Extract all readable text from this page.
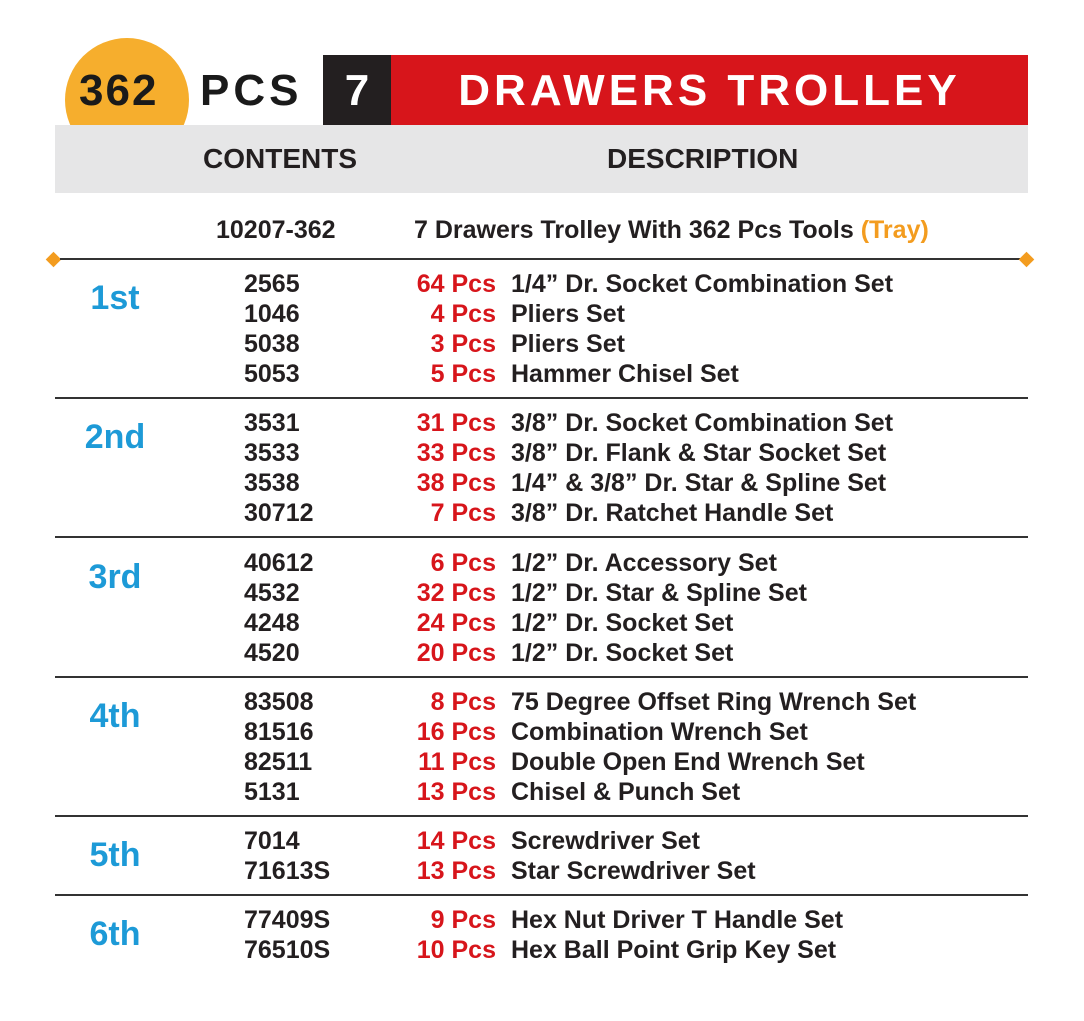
362 PCS 7	DRAWERS TROLLEY
CONTENTS	DESCRIPTION
10207-362	7 Drawers Trolley With 362 Pcs Tools (Tray)
1st	2565	64 Pcs 1/4” Dr. Socket Combination Set
1046	4 Pcs Pliers Set
5038	3 Pcs Pliers Set
5053	5 Pcs Hammer Chisel Set
2nd	3531	31 Pcs 3/8” Dr. Socket Combination Set
3533	33 Pcs 3/8” Dr. Flank & Star Socket Set
3538	38 Pcs 1/4” & 3/8” Dr. Star & Spline Set
30712	7 Pcs 3/8” Dr. Ratchet Handle Set
3rd	40612	6 Pcs 1/2” Dr. Accessory Set
4532	32 Pcs 1/2” Dr. Star & Spline Set
4248	24 Pcs 1/2” Dr. Socket Set
4520	20 Pcs 1/2” Dr. Socket Set
4th	83508	8 Pcs 75 Degree Offset Ring Wrench Set
81516	16 Pcs Combination Wrench Set
82511	11 Pcs Double Open End Wrench Set
5131	13 Pcs Chisel & Punch Set
5th	7014	14 Pcs Screwdriver Set
71613S	13 Pcs Star Screwdriver Set
6th	77409S	9 Pcs Hex Nut Driver T Handle Set
76510S	10 Pcs Hex Ball Point Grip Key Set
